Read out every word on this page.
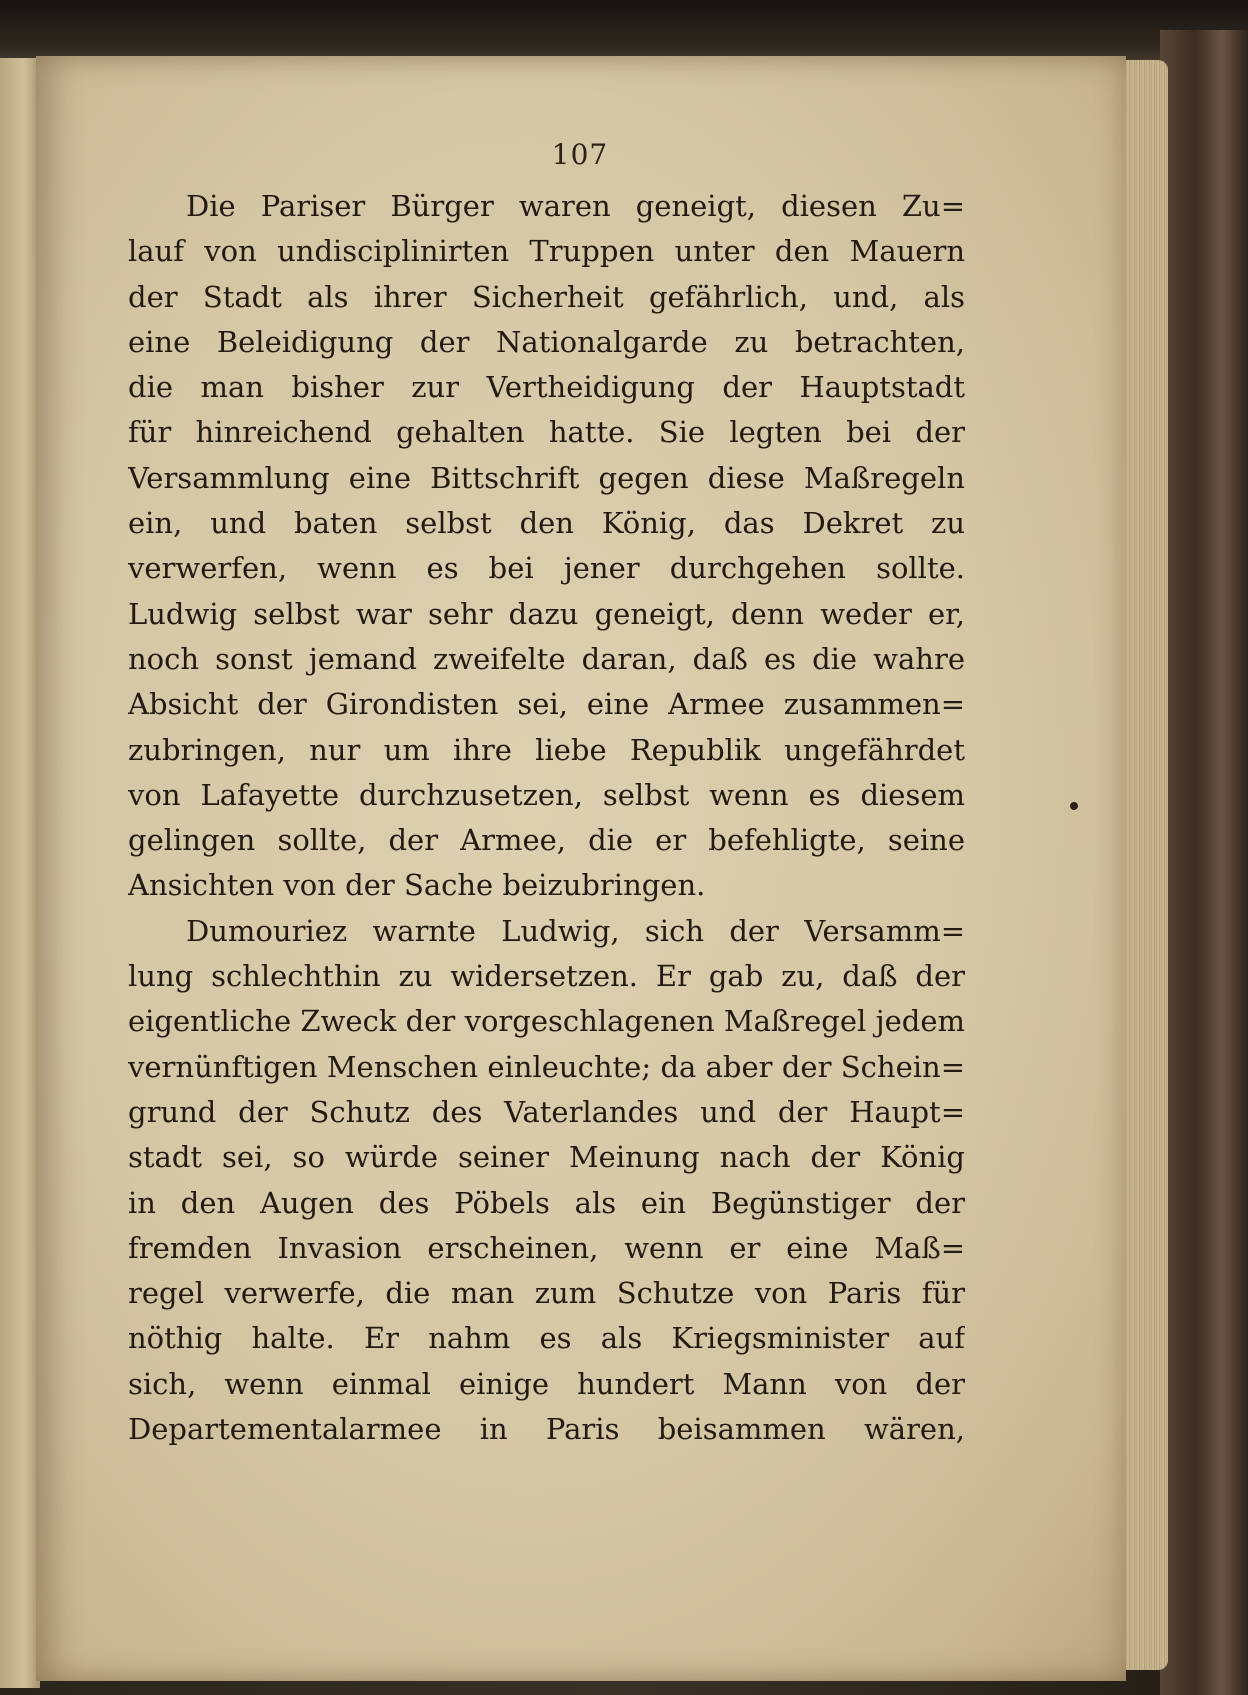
107
Die Pariser Bürger waren geneigt, diesen Zu=
lauf von undisciplinirten Truppen unter den Mauern
der Stadt als ihrer Sicherheit gefährlich, und, als
eine Beleidigung der Nationalgarde zu betrachten,
die man bisher zur Vertheidigung der Hauptstadt
für hinreichend gehalten hatte. Sie legten bei der
Versammlung eine Bittschrift gegen diese Maßregeln
ein, und baten selbst den König, das Dekret zu
verwerfen, wenn es bei jener durchgehen sollte.
Ludwig selbst war sehr dazu geneigt, denn weder er,
noch sonst jemand zweifelte daran, daß es die wahre
Absicht der Girondisten sei, eine Armee zusammen=
zubringen, nur um ihre liebe Republik ungefährdet
von Lafayette durchzusetzen, selbst wenn es diesem
gelingen sollte, der Armee, die er befehligte, seine
Ansichten von der Sache beizubringen.
Dumouriez warnte Ludwig, sich der Versamm=
lung schlechthin zu widersetzen. Er gab zu, daß der
eigentliche Zweck der vorgeschlagenen Maßregel jedem
vernünftigen Menschen einleuchte; da aber der Schein=
grund der Schutz des Vaterlandes und der Haupt=
stadt sei, so würde seiner Meinung nach der König
in den Augen des Pöbels als ein Begünstiger der
fremden Invasion erscheinen, wenn er eine Maß=
regel verwerfe, die man zum Schutze von Paris für
nöthig halte. Er nahm es als Kriegsminister auf
sich, wenn einmal einige hundert Mann von der
Departementalarmee in Paris beisammen wären,
